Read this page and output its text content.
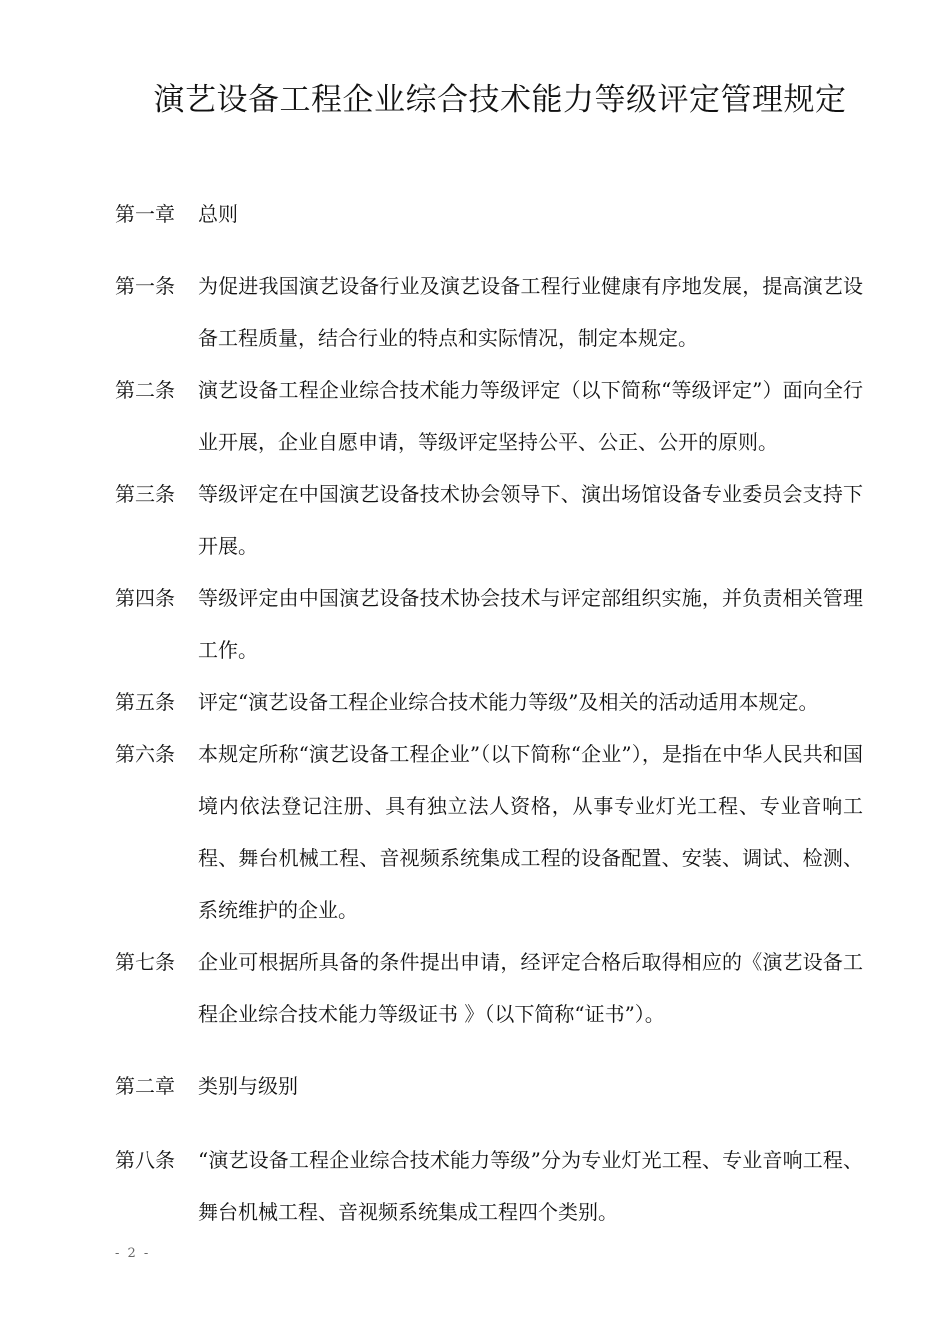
演艺设备工程企业综合技术能力等级评定管理规定
第一章 总则
第一条 为促进我国演艺设备行业及演艺设备工程行业健康有序地发展，提高演艺设备工程质量，结合行业的特点和实际情况，制定本规定。
第二条 演艺设备工程企业综合技术能力等级评定（以下简称“等级评定”）面向全行业开展，企业自愿申请，等级评定坚持公平、公正、公开的原则。
第三条 等级评定在中国演艺设备技术协会领导下、演出场馆设备专业委员会支持下开展。
第四条 等级评定由中国演艺设备技术协会技术与评定部组织实施，并负责相关管理工作。
第五条 评定“演艺设备工程企业综合技术能力等级”及相关的活动适用本规定。
第六条 本规定所称“演艺设备工程企业”（以下简称“企业”），是指在中华人民共和国境内依法登记注册、具有独立法人资格，从事专业灯光工程、专业音响工程、舞台机械工程、音视频系统集成工程的设备配置、安装、调试、检测、系统维护的企业。
第七条 企业可根据所具备的条件提出申请，经评定合格后取得相应的《演艺设备工程企业综合技术能力等级证书 》（以下简称“证书”）。
第二章 类别与级别
第八条 “演艺设备工程企业综合技术能力等级”分为专业灯光工程、专业音响工程、舞台机械工程、音视频系统集成工程四个类别。
- 2 -
